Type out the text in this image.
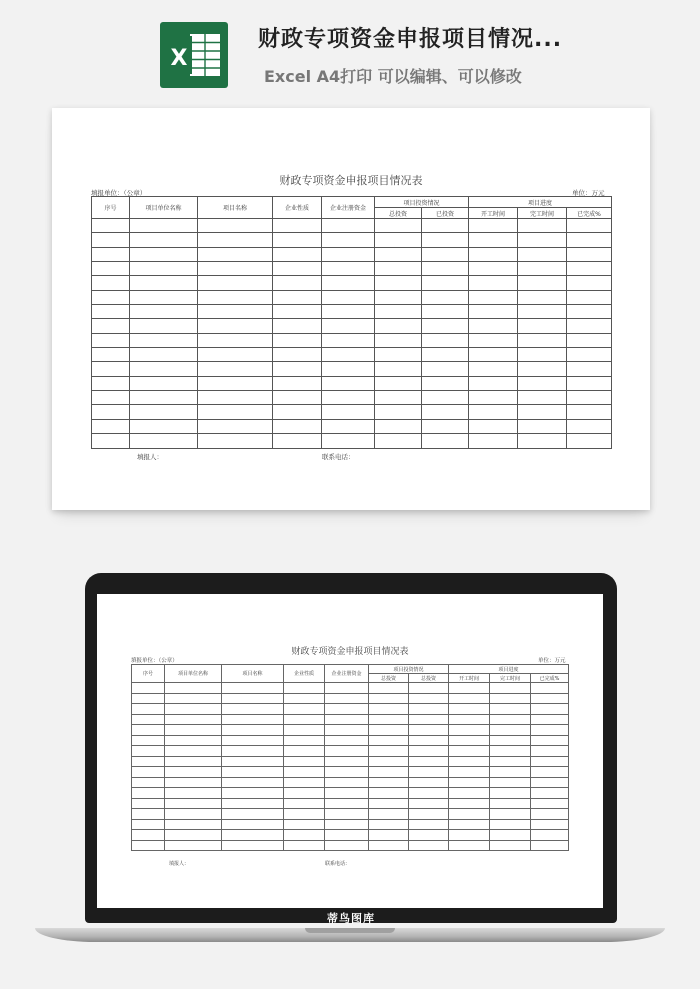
X
财政专项资金申报项目情况...
Excel A4打印 可以编辑、可以修改
财政专项资金申报项目情况表
填报单位：（公章）	单位：万元
序号	项目单位名称	项目名称	企业性质	企业注册资金	项目投资情况		项目进度		
					总投资	已投资	开工时间	完工时间	已完成%

填报人：	联系电话：
财政专项资金申报项目情况表
填报单位：（公章）	单位：万元
序号	项目单位名称	项目名称	企业性质	企业注册资金	项目投资情况		项目进度		
					总投资	总投资	开工时间	完工时间	已完成%

填报人：	联系电话：
蒂鸟图库
